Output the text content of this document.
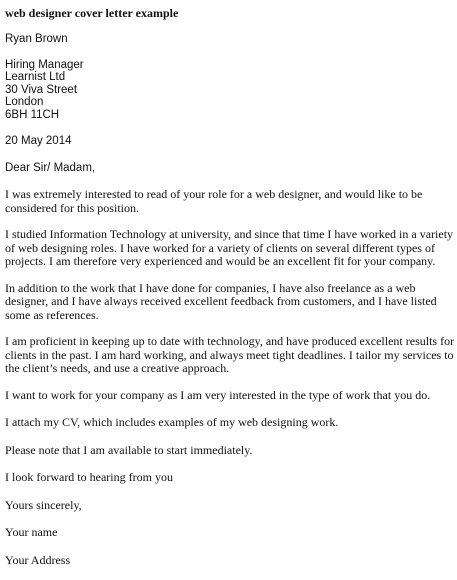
web designer cover letter example
Ryan Brown
Hiring Manager
Learnist Ltd
30 Viva Street
London
6BH 11CH
20 May 2014
Dear Sir/ Madam,

I was extremely interested to read of your role for a web designer, and would like to be
considered for this position.

I studied Information Technology at university, and since that time I have worked in a variety
of web designing roles. I have worked for a variety of clients on several different types of
projects. I am therefore very experienced and would be an excellent fit for your company.

In addition to the work that I have done for companies, I have also freelance as a web
designer, and I have always received excellent feedback from customers, and I have listed
some as references.

I am proficient in keeping up to date with technology, and have produced excellent results for
clients in the past. I am hard working, and always meet tight deadlines. I tailor my services to
the client’s needs, and use a creative approach.

I want to work for your company as I am very interested in the type of work that you do.

I attach my CV, which includes examples of my web designing work.

Please note that I am available to start immediately.

I look forward to hearing from you

Yours sincerely,

Your name

Your Address
